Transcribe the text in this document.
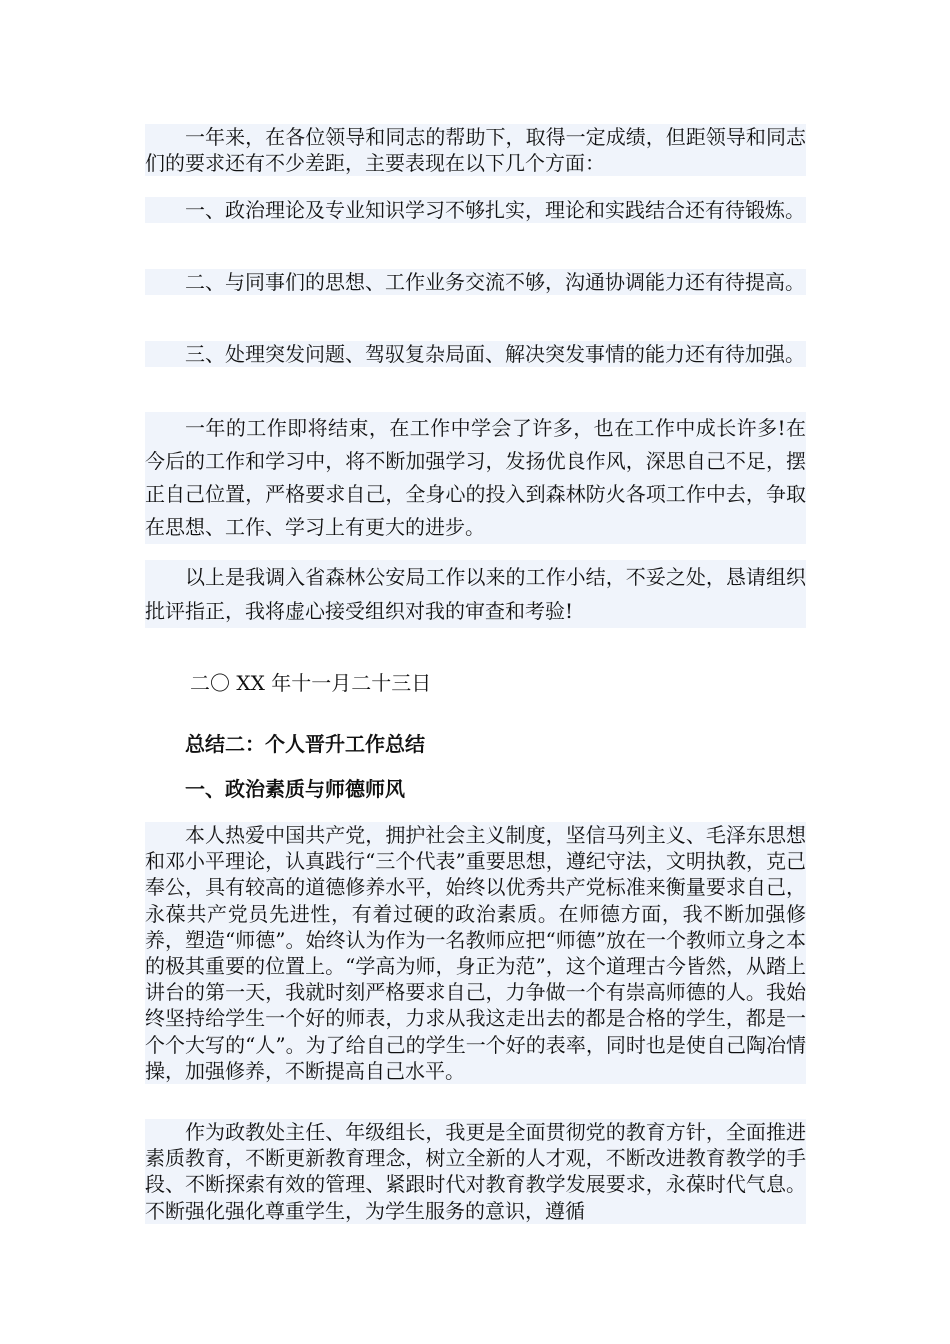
一年来，在各位领导和同志的帮助下，取得一定成绩，但距领导和同志们的要求还有不少差距，主要表现在以下几个方面：

一、政治理论及专业知识学习不够扎实，理论和实践结合还有待锻炼。

二、与同事们的思想、工作业务交流不够，沟通协调能力还有待提高。

三、处理突发问题、驾驭复杂局面、解决突发事情的能力还有待加强。

一年的工作即将结束，在工作中学会了许多，也在工作中成长许多!在今后的工作和学习中，将不断加强学习，发扬优良作风，深思自己不足，摆正自己位置，严格要求自己，全身心的投入到森林防火各项工作中去，争取在思想、工作、学习上有更大的进步。

以上是我调入省森林公安局工作以来的工作小结，不妥之处，恳请组织批评指正，我将虚心接受组织对我的审查和考验!

二〇 XX 年十一月二十三日

总结二：个人晋升工作总结

一、政治素质与师德师风

本人热爱中国共产党，拥护社会主义制度，坚信马列主义、毛泽东思想和邓小平理论，认真践行“三个代表”重要思想，遵纪守法，文明执教，克己奉公，具有较高的道德修养水平，始终以优秀共产党标准来衡量要求自己，永葆共产党员先进性，有着过硬的政治素质。在师德方面，我不断加强修养，塑造“师德”。始终认为作为一名教师应把“师德”放在一个教师立身之本的极其重要的位置上。“学高为师，身正为范”，这个道理古今皆然，从踏上讲台的第一天，我就时刻严格要求自己，力争做一个有崇高师德的人。我始终坚持给学生一个好的师表，力求从我这走出去的都是合格的学生，都是一个个大写的“人”。为了给自己的学生一个好的表率，同时也是使自己陶冶情操，加强修养，不断提高自己水平。

作为政教处主任、年级组长，我更是全面贯彻党的教育方针，全面推进素质教育，不断更新教育理念，树立全新的人才观，不断改进教育教学的手段、不断探索有效的管理、紧跟时代对教育教学发展要求，永葆时代气息。不断强化强化尊重学生，为学生服务的意识，遵循
